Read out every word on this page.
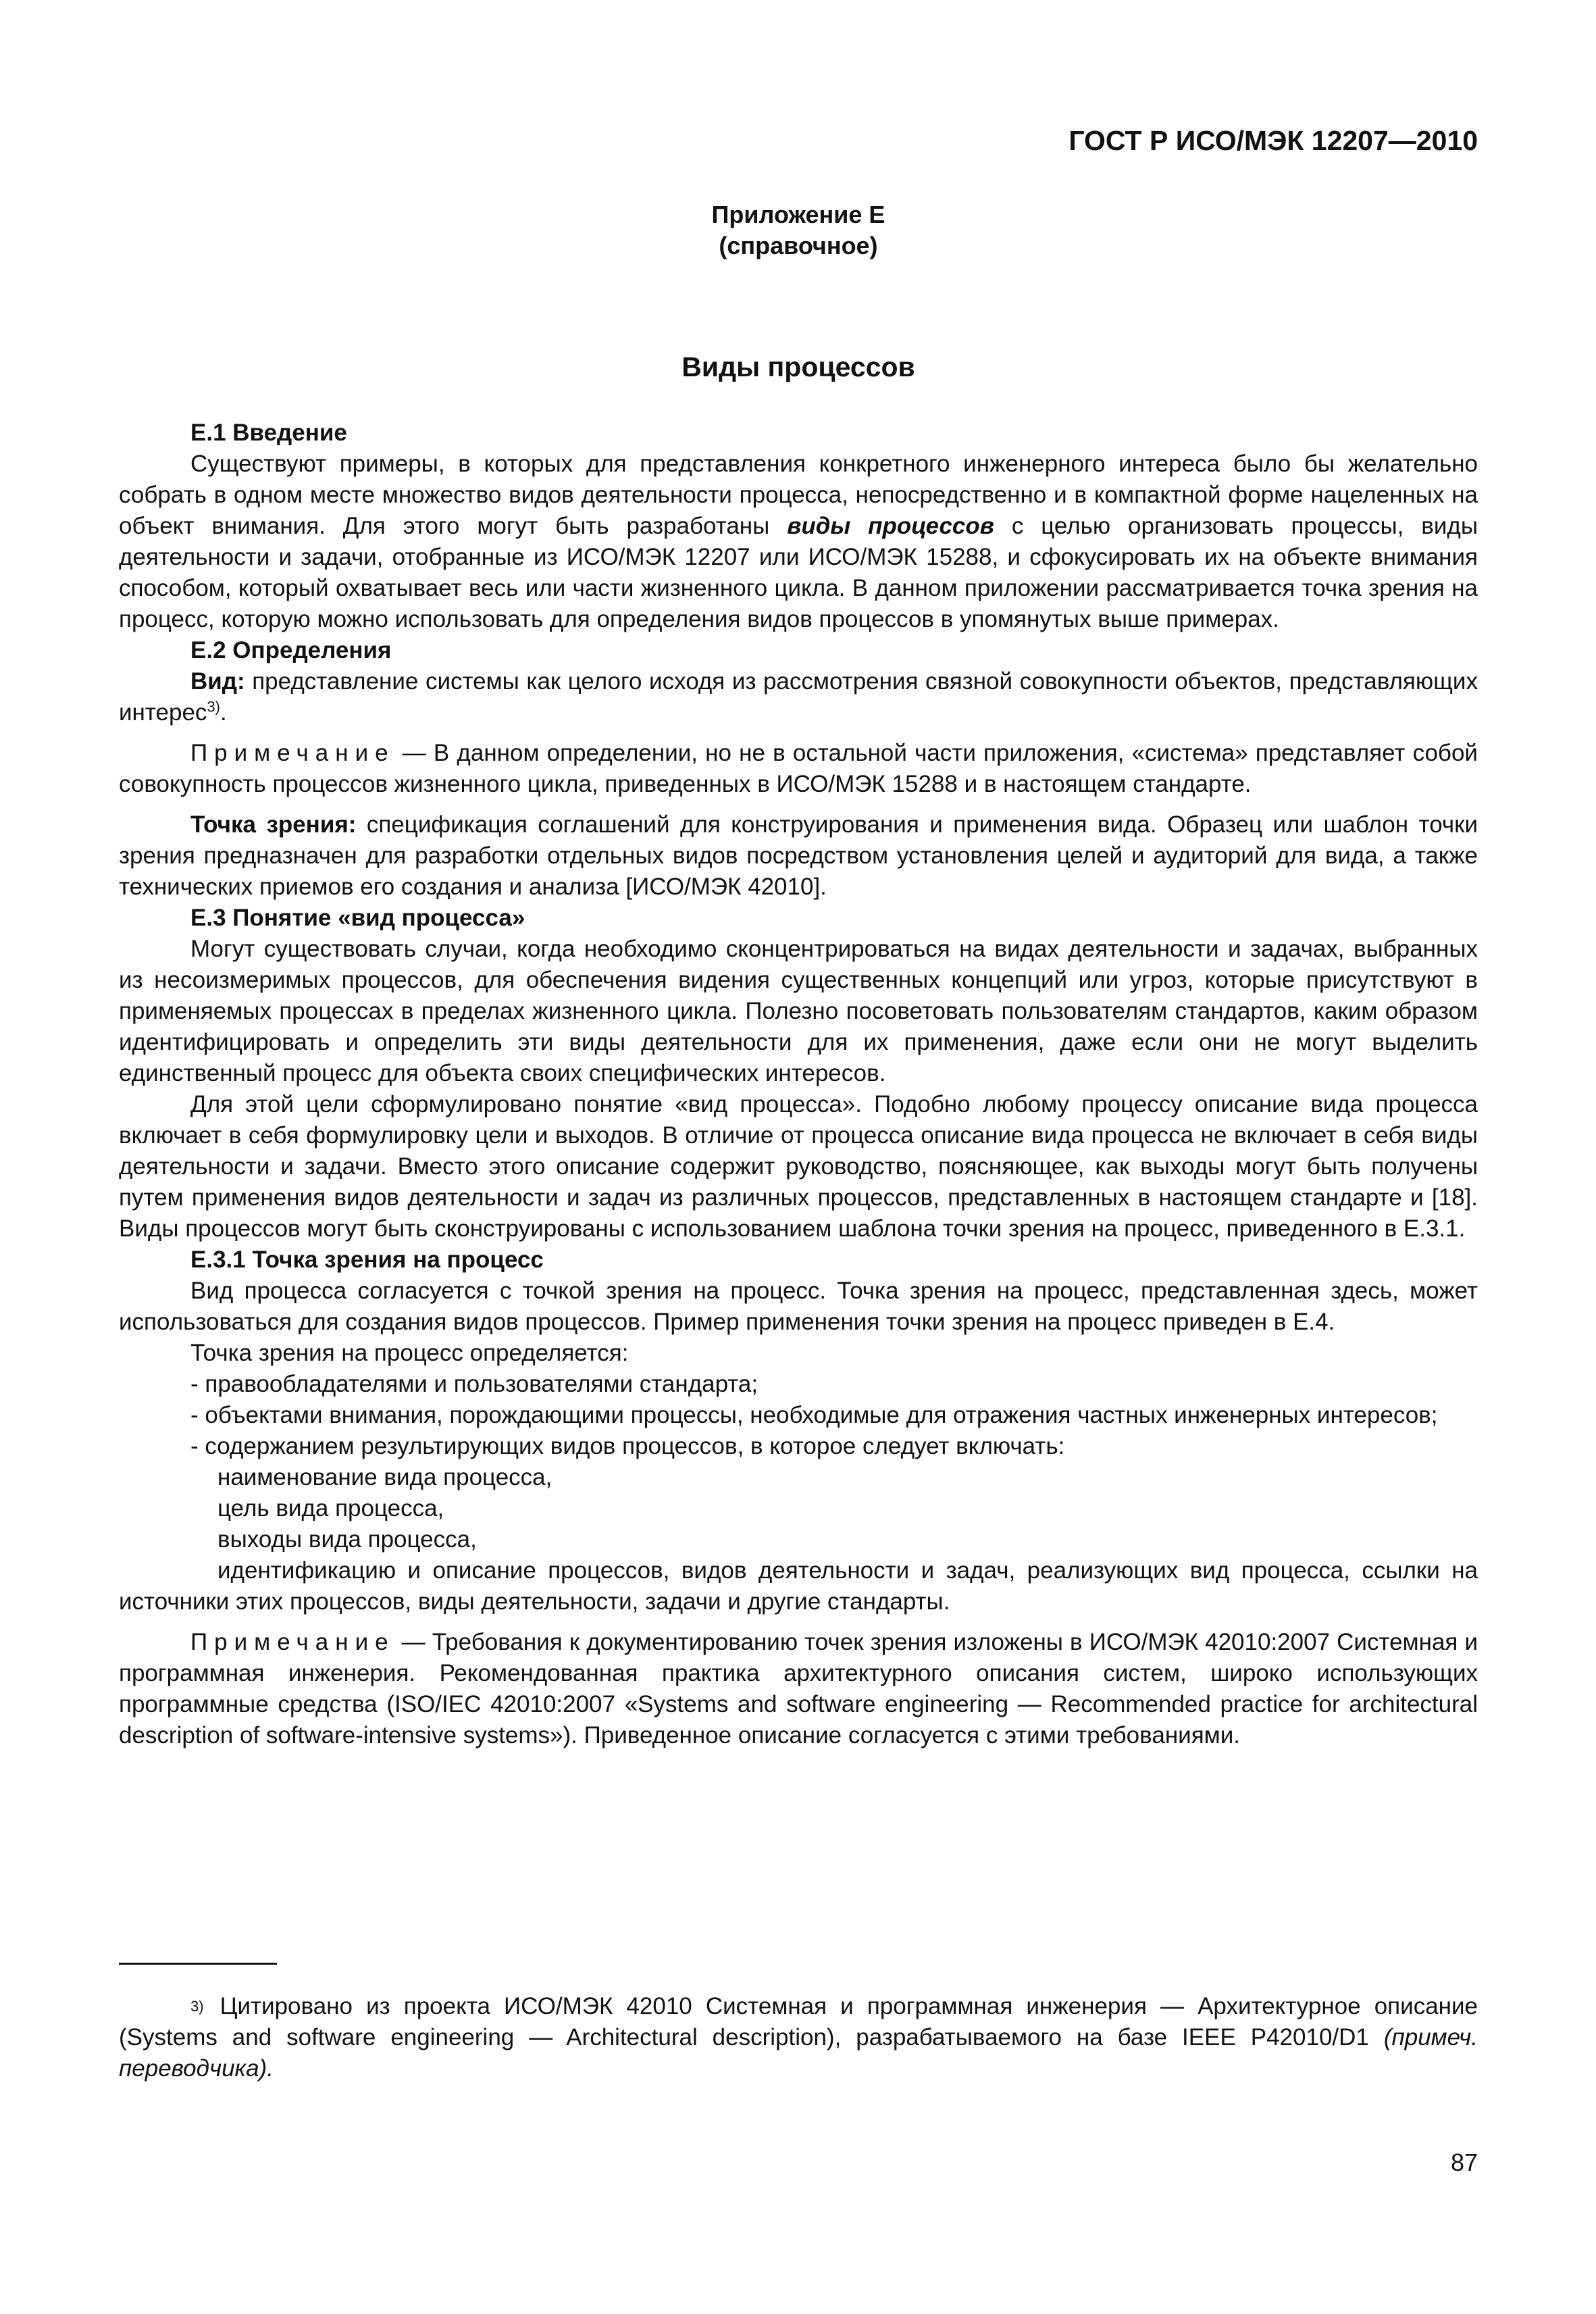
ГОСТ Р ИСО/МЭК 12207—2010
Приложение Е
(справочное)
Виды процессов

Е.1 Введение

Существуют примеры, в которых для представления конкретного инженерного интереса было бы желательно собрать в одном месте множество видов деятельности процесса, непосредственно и в компактной форме нацеленных на объект внимания. Для этого могут быть разработаны виды процессов с целью организовать процессы, виды деятельности и задачи, отобранные из ИСО/МЭК 12207 или ИСО/МЭК 15288, и сфокусировать их на объекте внимания способом, который охватывает весь или части жизненного цикла. В данном приложении рассматривается точка зрения на процесс, которую можно использовать для определения видов процессов в упомянутых выше примерах.

Е.2 Определения

Вид: представление системы как целого исходя из рассмотрения связной совокупности объектов, представляющих интерес$^{3)}$.

Примечание — В данном определении, но не в остальной части приложения, «система» представляет собой совокупность процессов жизненного цикла, приведенных в ИСО/МЭК 15288 и в настоящем стандарте.

Точка зрения: спецификация соглашений для конструирования и применения вида. Образец или шаблон точки зрения предназначен для разработки отдельных видов посредством установления целей и аудиторий для вида, а также технических приемов его создания и анализа [ИСО/МЭК 42010].

Е.3 Понятие «вид процесса»

Могут существовать случаи, когда необходимо сконцентрироваться на видах деятельности и задачах, выбранных из несоизмеримых процессов, для обеспечения видения существенных концепций или угроз, которые присутствуют в применяемых процессах в пределах жизненного цикла. Полезно посоветовать пользователям стандартов, каким образом идентифицировать и определить эти виды деятельности для их применения, даже если они не могут выделить единственный процесс для объекта своих специфических интересов.

Для этой цели сформулировано понятие «вид процесса». Подобно любому процессу описание вида процесса включает в себя формулировку цели и выходов. В отличие от процесса описание вида процесса не включает в себя виды деятельности и задачи. Вместо этого описание содержит руководство, поясняющее, как выходы могут быть получены путем применения видов деятельности и задач из различных процессов, представленных в настоящем стандарте и [18]. Виды процессов могут быть сконструированы с использованием шаблона точки зрения на процесс, приведенного в Е.3.1.

Е.3.1 Точка зрения на процесс

Вид процесса согласуется с точкой зрения на процесс. Точка зрения на процесс, представленная здесь, может использоваться для создания видов процессов. Пример применения точки зрения на процесс приведен в Е.4.

Точка зрения на процесс определяется:

- правообладателями и пользователями стандарта;

- объектами внимания, порождающими процессы, необходимые для отражения частных инженерных интересов;

- содержанием результирующих видов процессов, в которое следует включать:

наименование вида процесса,

цель вида процесса,

выходы вида процесса,

идентификацию и описание процессов, видов деятельности и задач, реализующих вид процесса, ссылки на источники этих процессов, виды деятельности, задачи и другие стандарты.

Примечание — Требования к документированию точек зрения изложены в ИСО/МЭК 42010:2007 Системная и программная инженерия. Рекомендованная практика архитектурного описания систем, широко использующих программные средства (ISO/IEC 42010:2007 «Systems and software engineering — Recommended practice for architectural description of software-intensive systems»). Приведенное описание согласуется с этими требованиями.

$^{3)}$ Цитировано из проекта ИСО/МЭК 42010 Системная и программная инженерия — Архитектурное описание (Systems and software engineering — Architectural description), разрабатываемого на базе IEEE P42010/D1 (примеч. переводчика).
87
